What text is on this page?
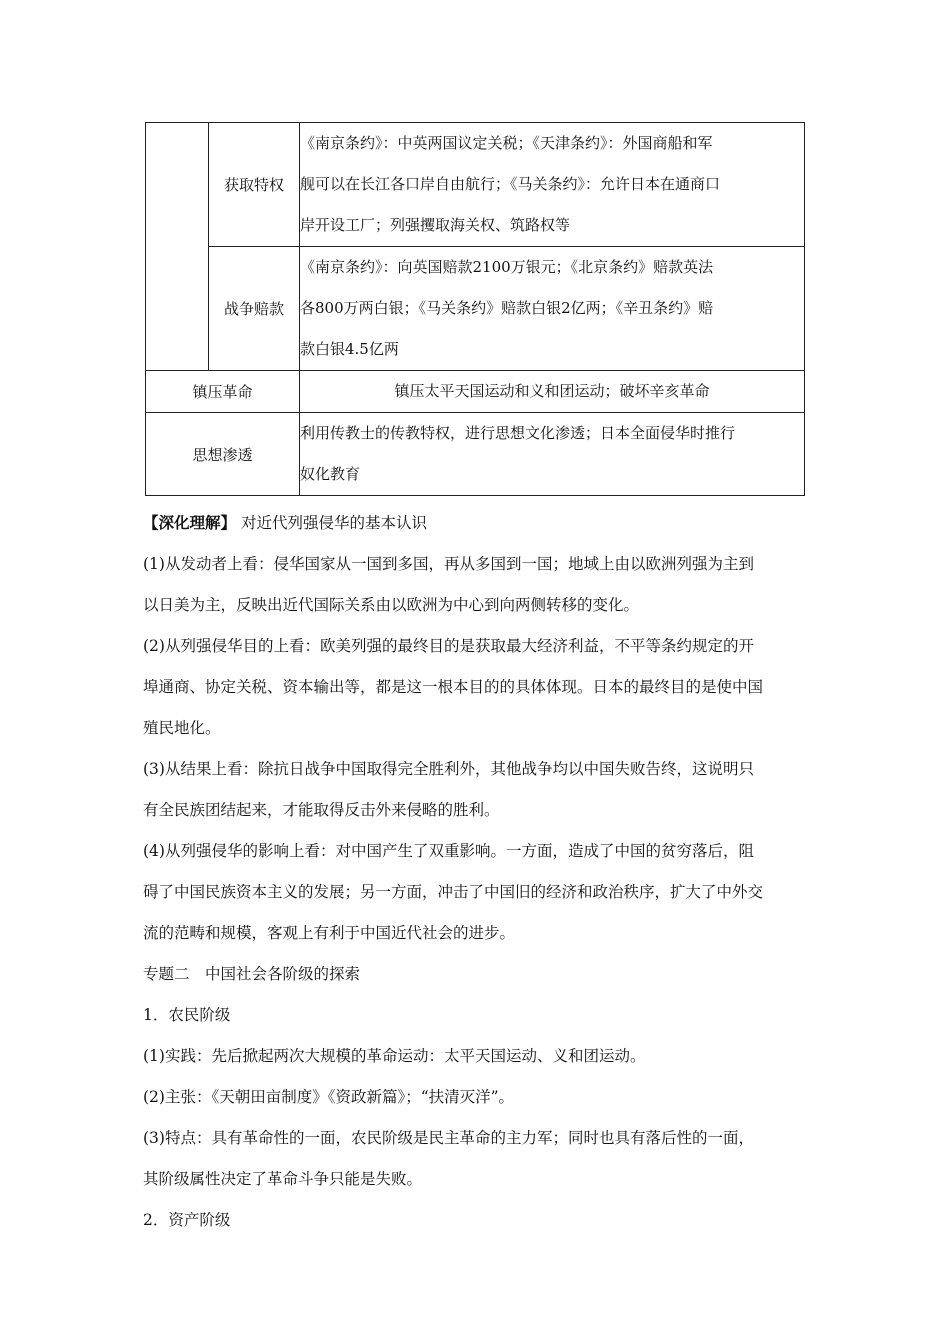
	获取特权	《南京条约》：中英两国议定关税；《天津条约》：外国商船和军
舰可以在长江各口岸自由航行；《马关条约》：允许日本在通商口
岸开设工厂；列强攫取海关权、筑路权等

	战争赔款	《南京条约》：向英国赔款2100万银元；《北京条约》赔款英法
各800万两白银；《马关条约》赔款白银2亿两；《辛丑条约》赔
款白银4.5亿两

镇压革命		镇压太平天国运动和义和团运动；破坏辛亥革命

思想渗透		利用传教士的传教特权，进行思想文化渗透；日本全面侵华时推行
奴化教育
【深化理解】 对近代列强侵华的基本认识
(1)从发动者上看：侵华国家从一国到多国，再从多国到一国；地域上由以欧洲列强为主到
以日美为主，反映出近代国际关系由以欧洲为中心到向两侧转移的变化。
(2)从列强侵华目的上看：欧美列强的最终目的是获取最大经济利益，不平等条约规定的开
埠通商、协定关税、资本输出等，都是这一根本目的的具体体现。日本的最终目的是使中国
殖民地化。
(3)从结果上看：除抗日战争中国取得完全胜利外，其他战争均以中国失败告终，这说明只
有全民族团结起来，才能取得反击外来侵略的胜利。
(4)从列强侵华的影响上看：对中国产生了双重影响。一方面，造成了中国的贫穷落后，阻
碍了中国民族资本主义的发展；另一方面，冲击了中国旧的经济和政治秩序，扩大了中外交
流的范畴和规模，客观上有利于中国近代社会的进步。
专题二　中国社会各阶级的探索
1．农民阶级
(1)实践：先后掀起两次大规模的革命运动：太平天国运动、义和团运动。
(2)主张：《天朝田亩制度》《资政新篇》；“扶清灭洋”。
(3)特点：具有革命性的一面，农民阶级是民主革命的主力军；同时也具有落后性的一面，
其阶级属性决定了革命斗争只能是失败。
2．资产阶级
